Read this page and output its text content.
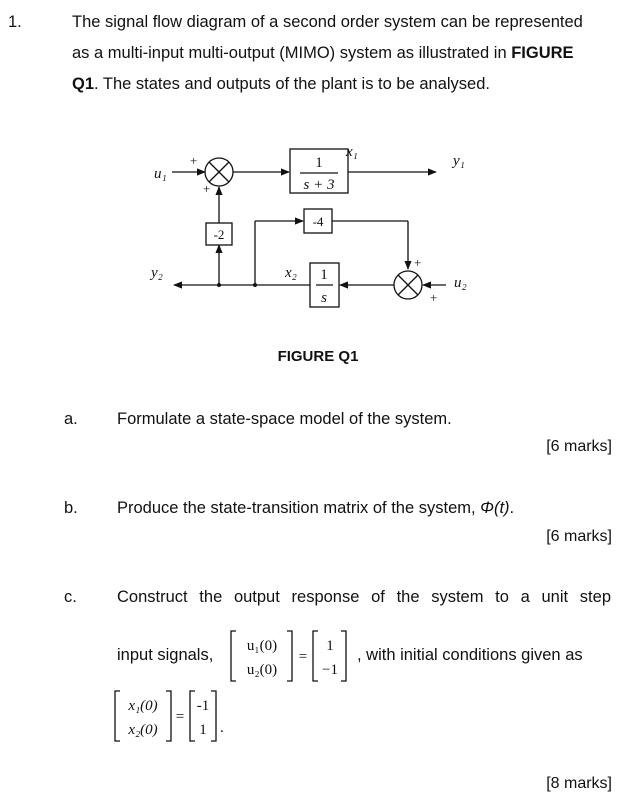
1.	The signal flow diagram of a second order system can be represented
as a multi-input multi-output (MIMO) system as illustrated in FIGURE
Q1. The states and outputs of the plant is to be analysed.
u₁
x₁
y₁
y₂	x₂
u₂
1
s + 3
1
s
-2
-4
+
+
+
+
FIGURE Q1
a. Formulate a state-space model of the system.
[6 marks]
b. Produce the state-transition matrix of the system, Φ(t).
[6 marks]
c. Construct the output response of the system to a unit step
input signals,	, with initial conditions given as
u₁(0)
u₂(0)
=
1
−1
x₁(0)
x₂(0)
=
-1
1 .
[8 marks]
